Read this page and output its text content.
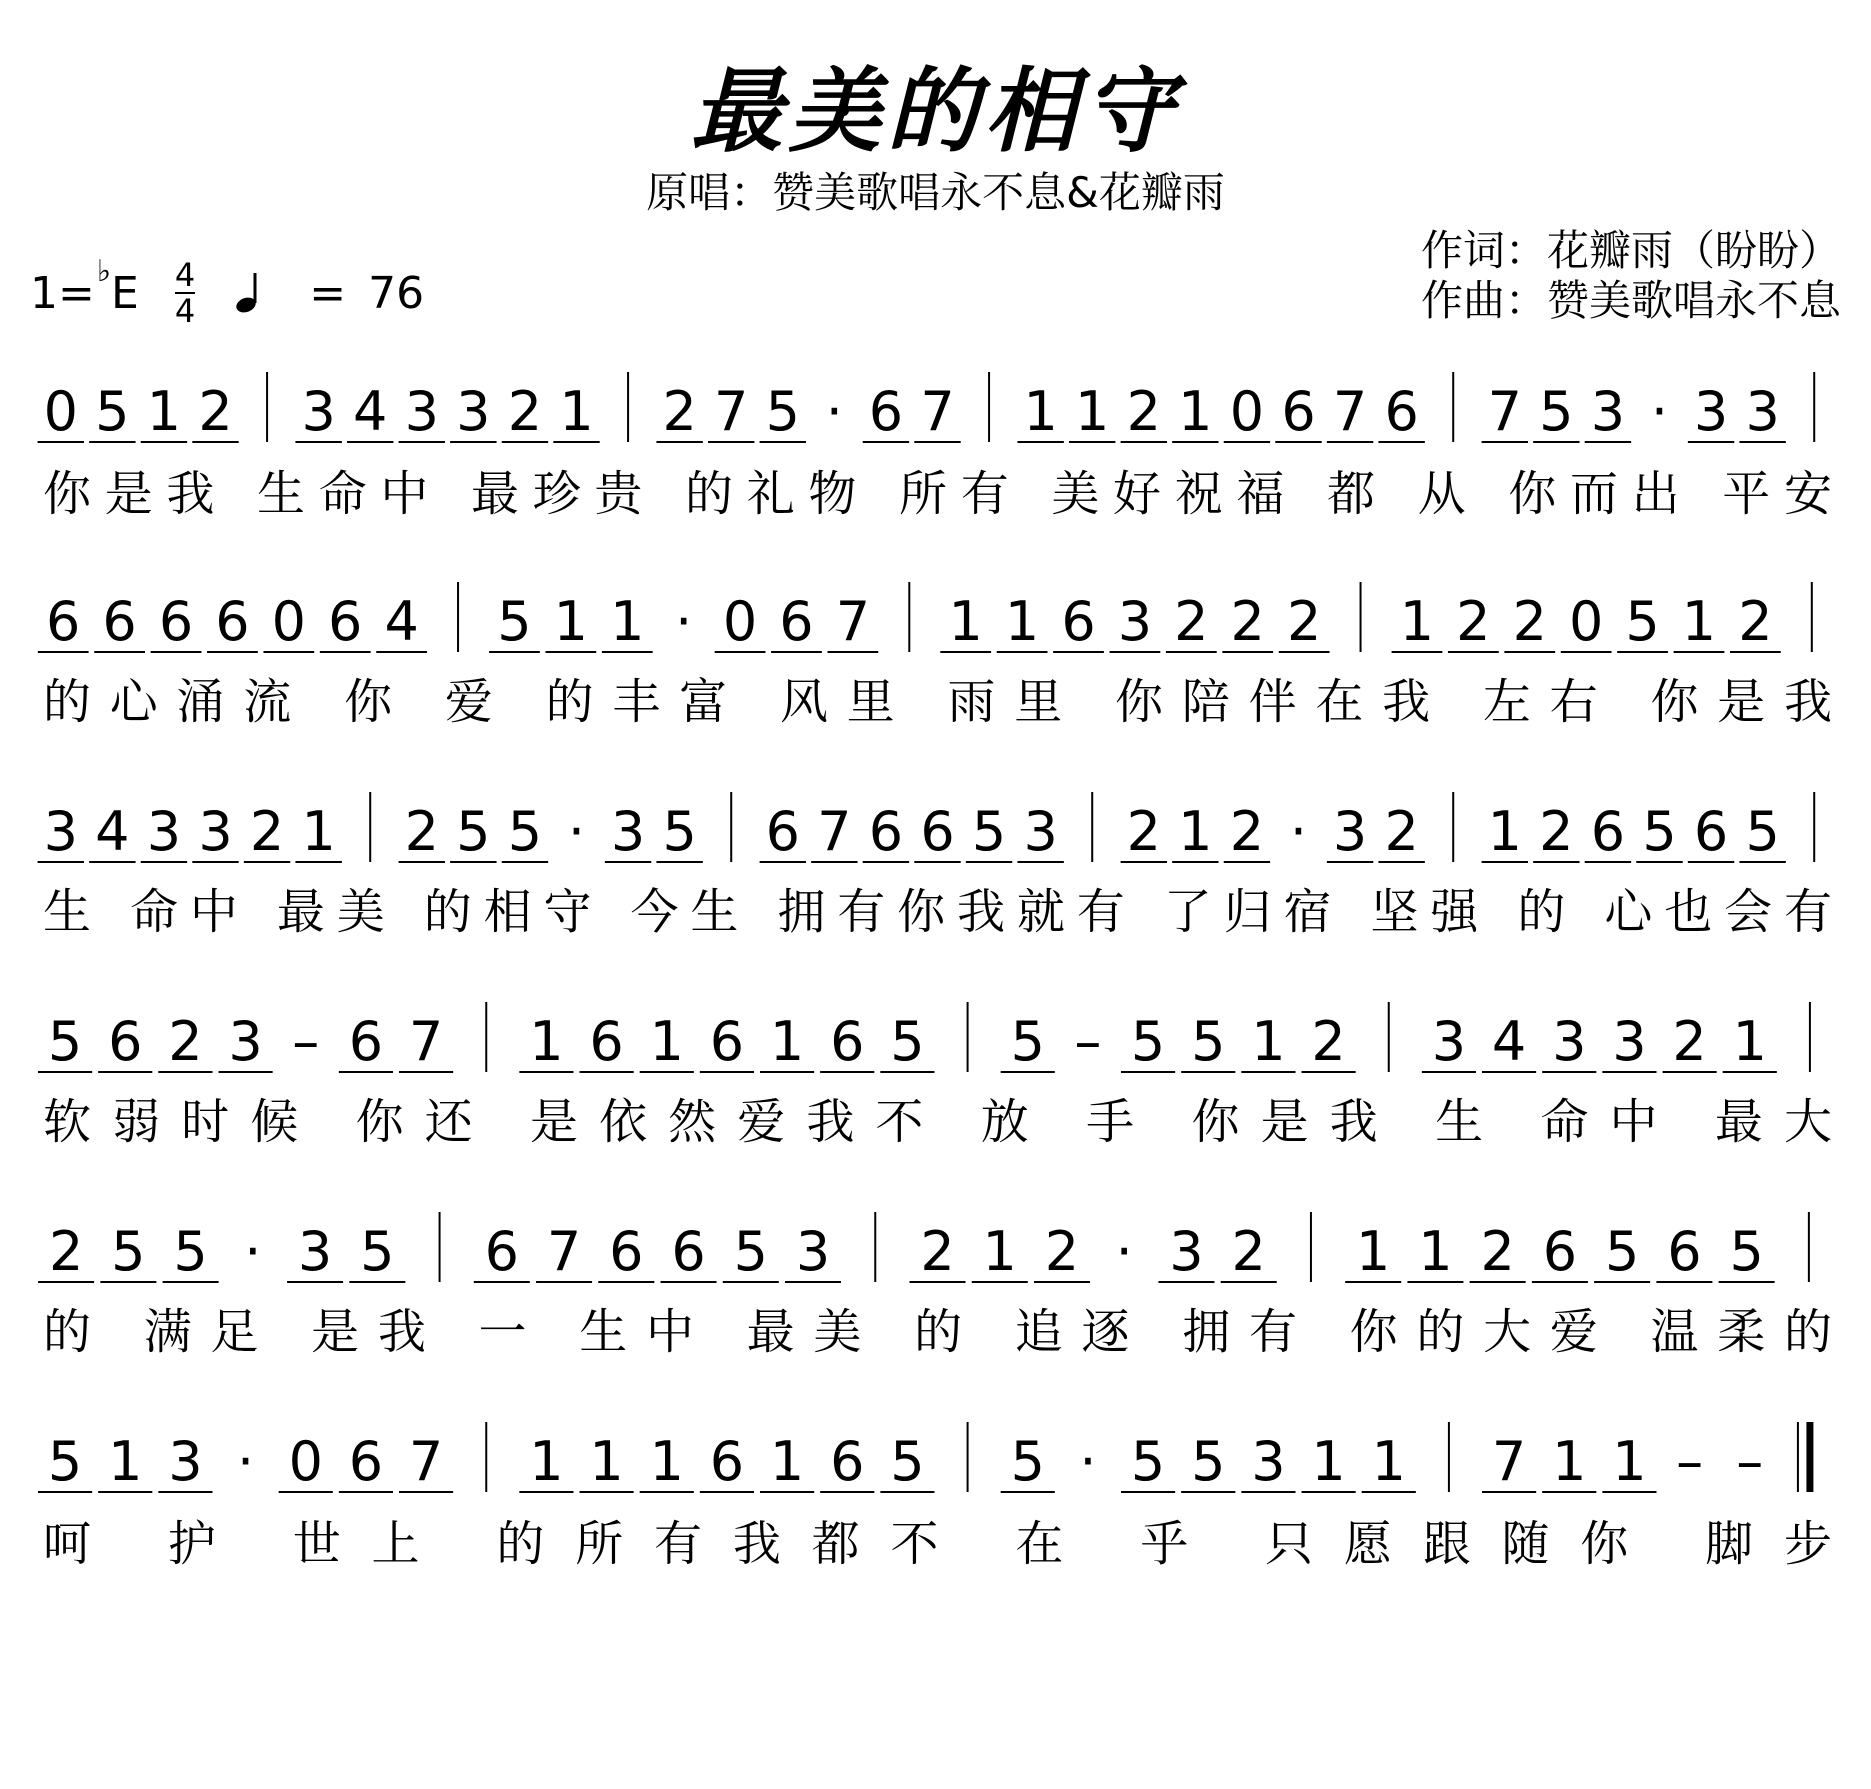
最美的相守
原唱：赞美歌唱永不息&花瓣雨
作词：花瓣雨（盼盼）
作曲：赞美歌唱永不息
1=♭E $\frac{4}{4}$	= 76
0 5 1 2 3 4 3 3 2 1 2 7 5 · 6 7 1 1 2 1 0 6 7 6 7 5 3 · 3 3
你是我 生命中 最珍贵 的礼物 所有 美好祝福 都 从 你而出 平安
6 6 6 6 0 6 4 5 1 1 · 0 6 7 1 1 6 3 2 2 2 1 2 2 0 5 1 2
的心涌流 你 爱 的丰富 风里 雨里 你陪伴在我 左右 你是我
3 4 3 3 2 1 2 5 5 · 3 5 6 7 6 6 5 3 2 1 2 · 3 2 1 2 6 5 6 5
生 命中 最美 的相守 今生 拥有你我就有 了归宿 坚强 的 心也会有
5 6 2 3 – 6 7 1 6 1 6 1 6 5 5 – 5 5 1 2 3 4 3 3 2 1
软弱时候 你还 是依然爱我不 放 手 你是我 生 命中 最大
2 5 5 · 3 5 6 7 6 6 5 3 2 1 2 · 3 2 1 1 2 6 5 6 5
的 满足 是我 一 生中 最美 的 追逐 拥有 你的大爱 温柔的
5 1 3 · 0 6 7 1 1 1 6 1 6 5 5 · 5 5 3 1 1 7 1 1 – –
呵 护 世上 的所有我都不 在 乎 只愿跟随你 脚步
